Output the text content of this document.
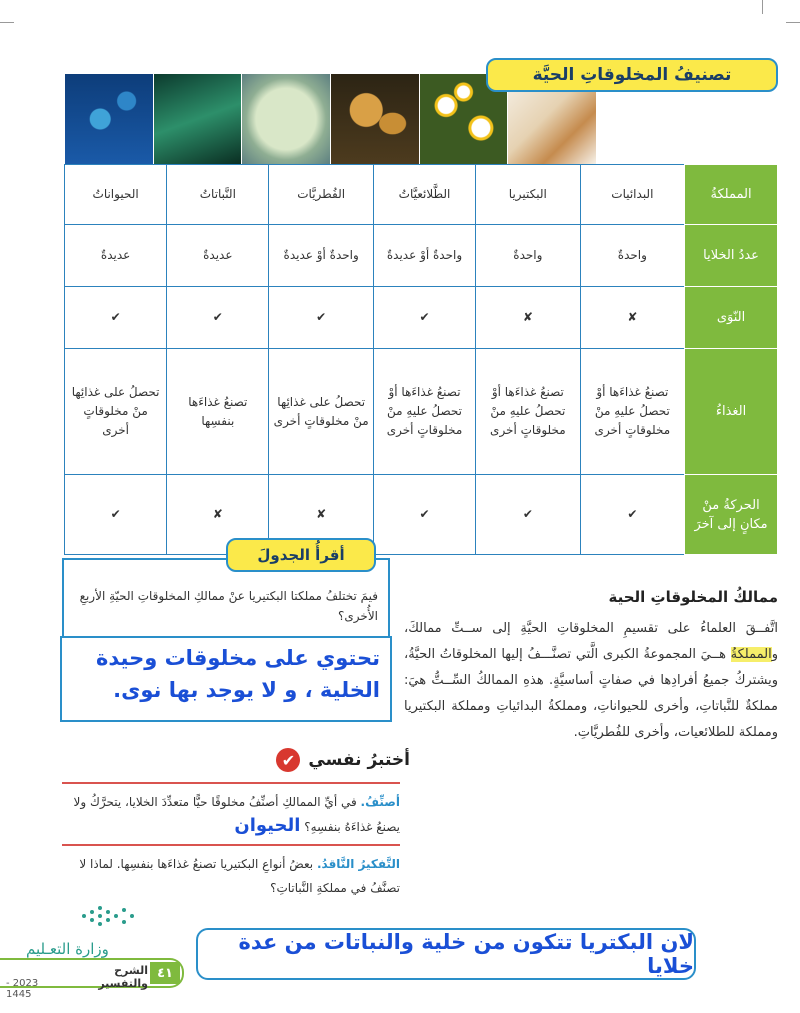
تصنيفُ المخلوقاتِ الحيَّة
المملكةُ	البدائيات	البكتيريا	الطَّلائعيَّاتُ	الفُطريَّات	النَّباتاتُ	الحيواناتُ
عددُ الخلايا	واحدةٌ	واحدةٌ	واحدةٌ أوْ عديدةٌ	واحدةٌ أوْ عديدةٌ	عديدةٌ	عديدةٌ
النّوَى	✘	✘	✔	✔	✔	✔
الغذاءُ	تصنعُ غذاءَها أوْ تحصلُ عليهِ منْ مخلوقاتٍ أخرى	تصنعُ غذاءَها أوْ تحصلُ عليهِ منْ مخلوقاتٍ أخرى	تصنعُ غذاءَها أوْ تحصلُ عليهِ منْ مخلوقاتٍ أخرى	تحصلُ على غذائِها منْ مخلوقاتٍ أخرى	تصنعُ غذاءَها بنفسِها	تحصلُ على غذائِها منْ مخلوقاتٍ أخرى
الحركةُ منْ مكانٍ إلى آخرَ	✔	✔	✔	✘	✘	✔
فيمَ تختلفُ مملكتا البكتيريا عنْ ممالكِ المخلوقاتِ الحيّةِ الأربعِ الأُخرى؟
أقرأُ الجدولَ
تحتوي على مخلوقات وحيدة الخلية ، و لا يوجد بها نوى.
ممالكُ المخلوقاتِ الحية
اتَّفــقَ العلماءُ على تقسيمِ المخلوقاتِ الحيَّةِ إلى ســتِّ ممالكَ، والمملكةُ هــيَ المجموعةُ الكبرى الَّتي تصنَّـــفُ إليها المخلوقاتُ الحيَّةُ، ويشتركُ جميعُ أفرادِها في صفاتٍ أساسيَّةٍ. هذهِ الممالكُ السِّــتُّ هيَ: مملكةٌ للنَّباتاتِ، وأخرى للحيواناتِ، ومملكةُ البدائياتِ ومملكة البكتيريا ومملكة للطلائعيات، وأخرى للفُطريَّاتِ.
أختبرُ نفسي
✔
أصنِّفُ. في أيِّ الممالكِ أصنِّفُ مخلوقًا حيًّا متعدِّدَ الخلايا، يتحرَّكُ ولا يصنعُ غذاءَهُ بنفسِهِ؟ الحيوان
التَّفكيرُ النَّاقدُ. بعضُ أنواعِ البكتيريا تصنعُ غذاءَها بنفسِها. لماذا لا تصنَّفُ في مملكةِ النَّباتاتِ؟
وزارة التعـليم
الشرح والتفسير
٤١
2023 - 1445
لان البكتريا تتكون من خلية والنباتات من عدة خلايا
